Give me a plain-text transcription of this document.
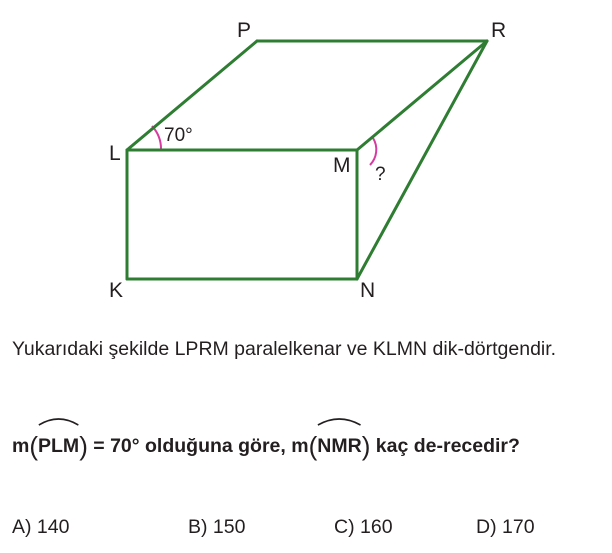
P	R
L
M
K	N
70°
?

Yukarıdaki şekilde LPRM paralelkenar ve KLMN dik-dörtgendir.

m(
PLM) = 70° olduğuna göre, m(
NMR) kaç de-recedir?
A) 140	B) 150	C) 160	D) 170
